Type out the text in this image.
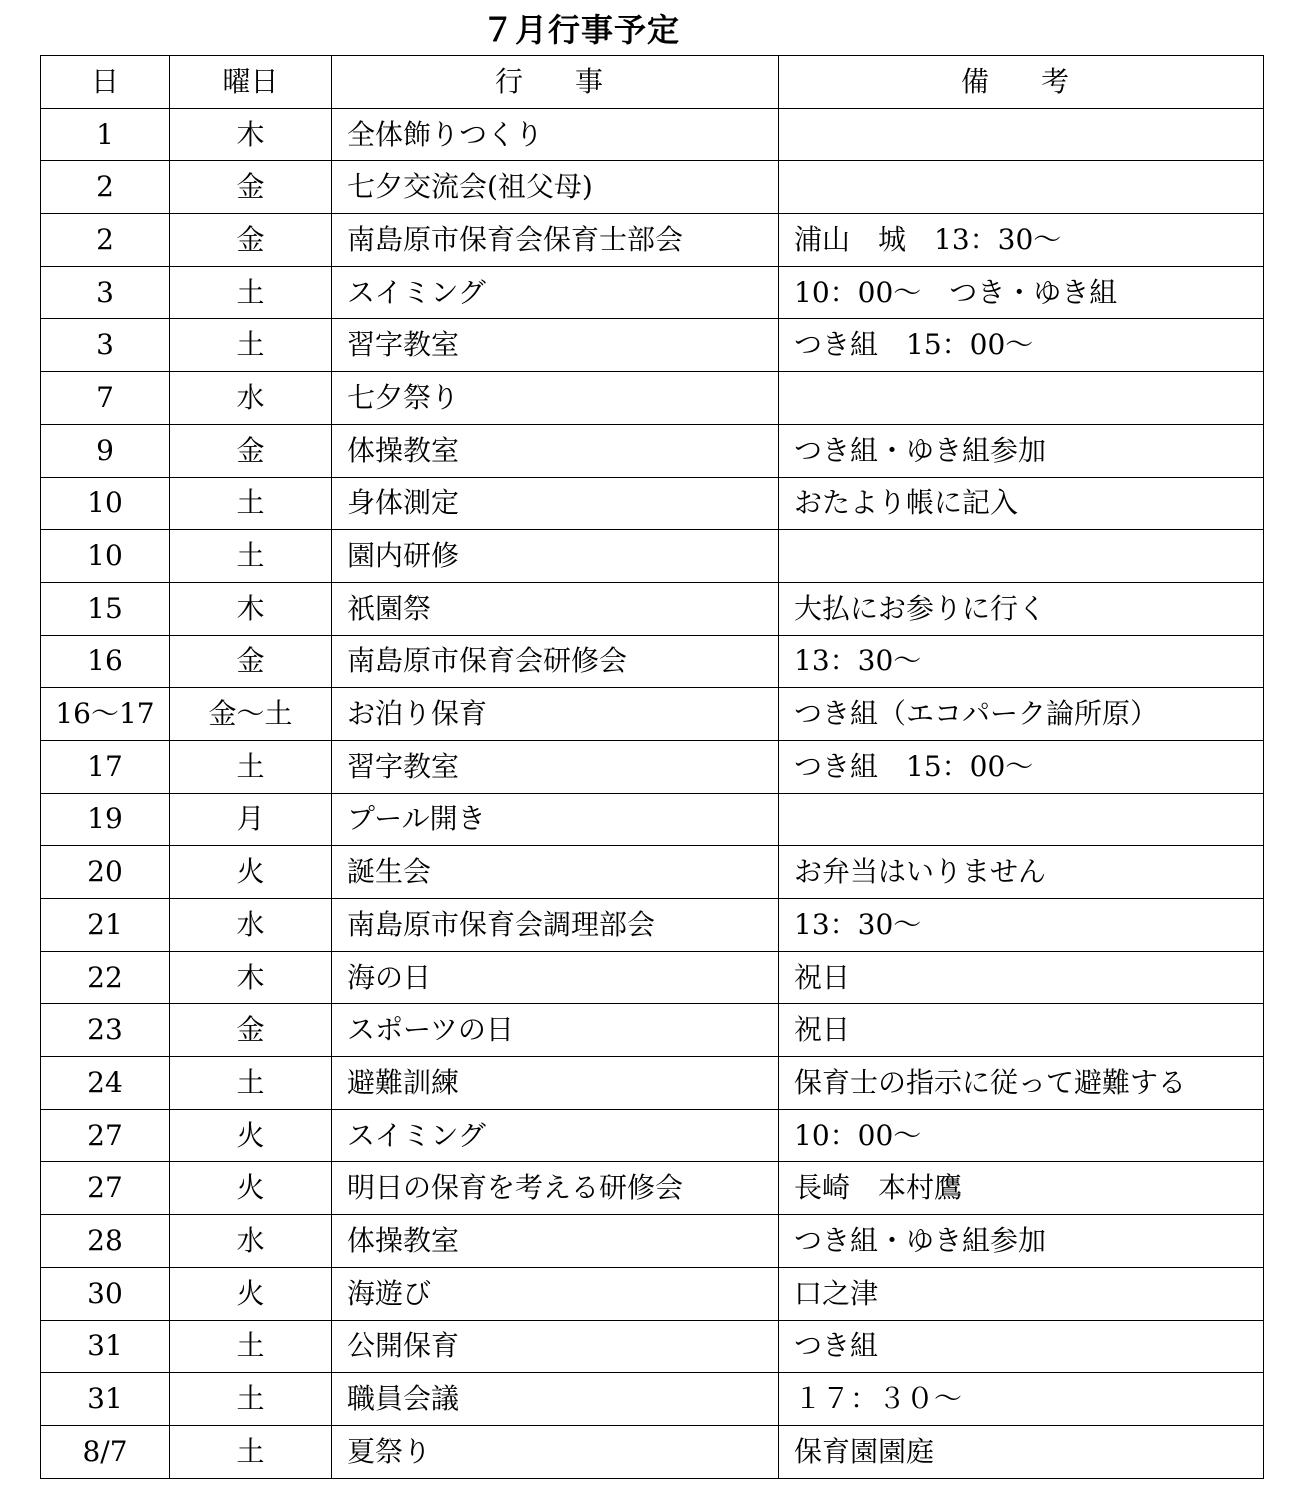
７月行事予定
日	曜日	行　事	備　考
1	木	全体飾りつくり	
2	金	七夕交流会(祖父母)	
2	金	南島原市保育会保育士部会	浦山　城　13：30～
3	土	スイミング	10：00～　つき・ゆき組
3	土	習字教室	つき組　15：00～
7	水	七夕祭り	
9	金	体操教室	つき組・ゆき組参加
10	土	身体測定	おたより帳に記入
10	土	園内研修	
15	木	祇園祭	大払にお参りに行く
16	金	南島原市保育会研修会	13：30～
16～17	金～土	お泊り保育	つき組（エコパーク論所原）
17	土	習字教室	つき組　15：00～
19	月	プール開き	
20	火	誕生会	お弁当はいりません
21	水	南島原市保育会調理部会	13：30～
22	木	海の日	祝日
23	金	スポーツの日	祝日
24	土	避難訓練	保育士の指示に従って避難する
27	火	スイミング	10：00～
27	火	明日の保育を考える研修会	長崎　本村鷹
28	水	体操教室	つき組・ゆき組参加
30	火	海遊び	口之津
31	土	公開保育	つき組
31	土	職員会議	１７：３０～
8/7	土	夏祭り	保育園園庭
